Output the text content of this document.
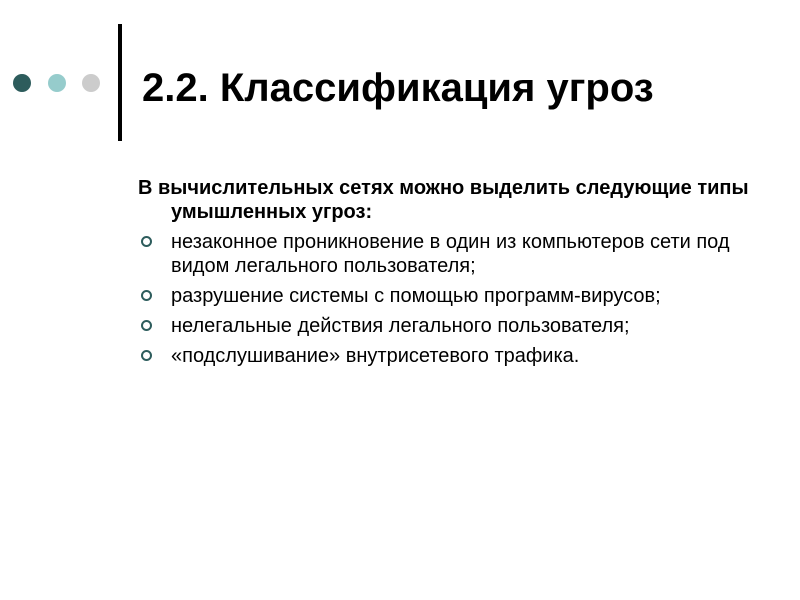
2.2. Классификация угроз
В вычислительных сетях можно выделить следующие типы умышленных угроз:
незаконное проникновение в один из компьютеров сети под видом легального пользователя;
разрушение системы с помощью программ-вирусов;
нелегальные действия легального пользователя;
«подслушивание» внутрисетевого трафика.
